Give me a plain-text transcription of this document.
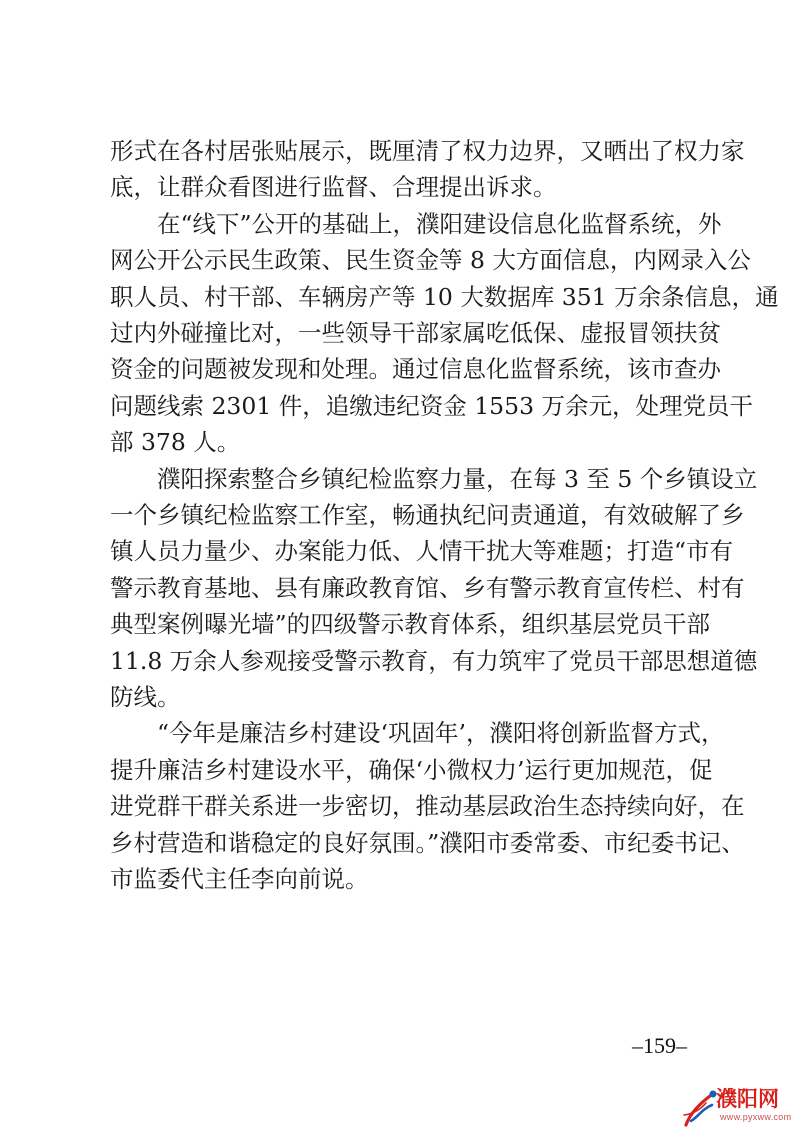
形式在各村居张贴展示，既厘清了权力边界，又晒出了权力家
底，让群众看图进行监督、合理提出诉求。
　　在“线下”公开的基础上，濮阳建设信息化监督系统，外
网公开公示民生政策、民生资金等 8 大方面信息，内网录入公
职人员、村干部、车辆房产等 10 大数据库 351 万余条信息，通
过内外碰撞比对，一些领导干部家属吃低保、虚报冒领扶贫
资金的问题被发现和处理。通过信息化监督系统，该市查办
问题线索 2301 件，追缴违纪资金 1553 万余元，处理党员干
部 378 人。
　　濮阳探索整合乡镇纪检监察力量，在每 3 至 5 个乡镇设立
一个乡镇纪检监察工作室，畅通执纪问责通道，有效破解了乡
镇人员力量少、办案能力低、人情干扰大等难题；打造“市有
警示教育基地、县有廉政教育馆、乡有警示教育宣传栏、村有
典型案例曝光墙”的四级警示教育体系，组织基层党员干部
11.8 万余人参观接受警示教育，有力筑牢了党员干部思想道德
防线。
　　“今年是廉洁乡村建设‘巩固年’，濮阳将创新监督方式，
提升廉洁乡村建设水平，确保‘小微权力’运行更加规范，促
进党群干群关系进一步密切，推动基层政治生态持续向好，在
乡村营造和谐稳定的良好氛围。”濮阳市委常委、市纪委书记、
市监委代主任李向前说。
–159–
濮阳网
www.pyxww.com
